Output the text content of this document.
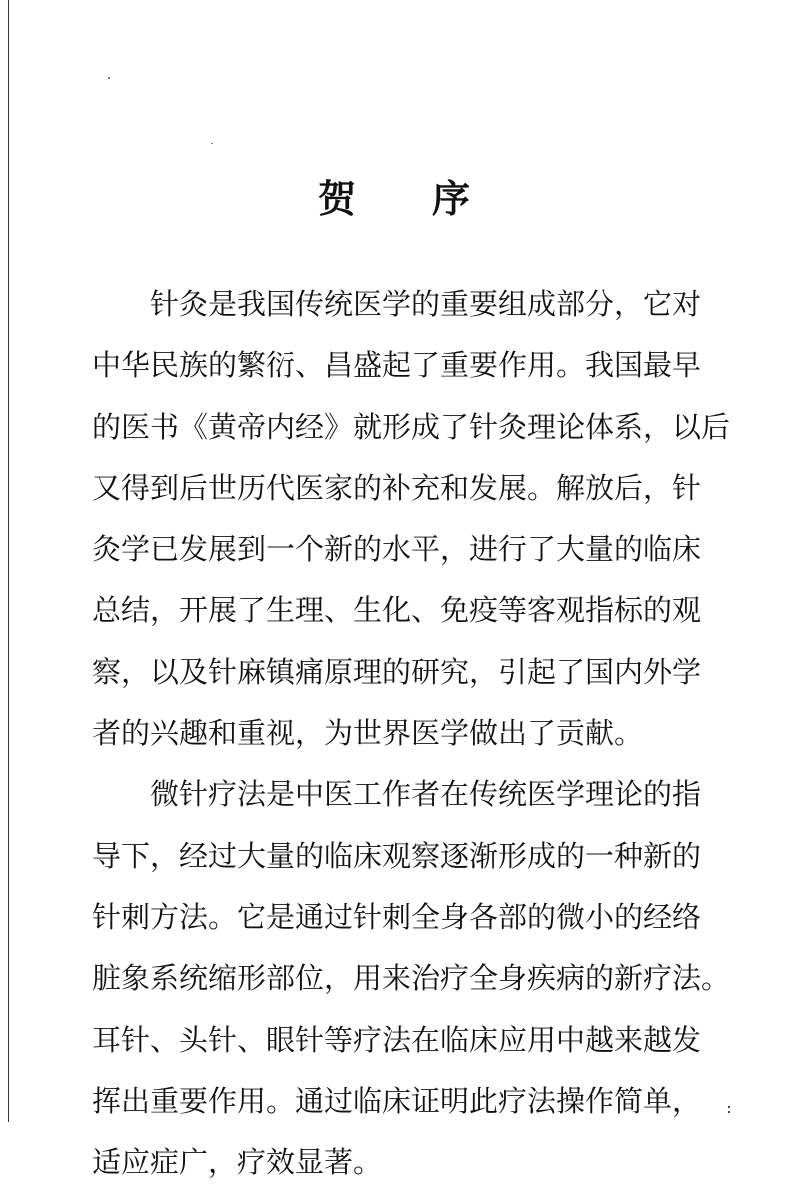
贺 序
针灸是我国传统医学的重要组成部分，它对
中华民族的繁衍、昌盛起了重要作用。我国最早
的医书《黄帝内经》就形成了针灸理论体系，以后
又得到后世历代医家的补充和发展。解放后，针
灸学已发展到一个新的水平，进行了大量的临床
总结，开展了生理、生化、免疫等客观指标的观
察，以及针麻镇痛原理的研究，引起了国内外学
者的兴趣和重视，为世界医学做出了贡献。
微针疗法是中医工作者在传统医学理论的指
导下，经过大量的临床观察逐渐形成的一种新的
针刺方法。它是通过针刺全身各部的微小的经络
脏象系统缩形部位，用来治疗全身疾病的新疗法。
耳针、头针、眼针等疗法在临床应用中越来越发
挥出重要作用。通过临床证明此疗法操作简单，
适应症广，疗效显著。
